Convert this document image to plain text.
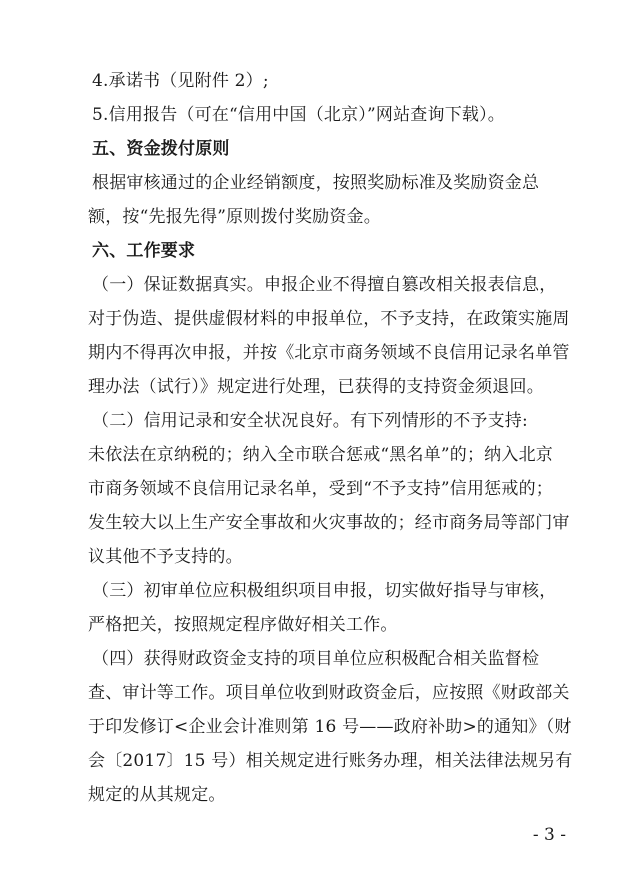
4.承诺书（见附件 2）;
5.信用报告（可在“信用中国（北京）”网站查询下载）。
五、资金拨付原则
根据审核通过的企业经销额度，按照奖励标准及奖励资金总
额，按“先报先得”原则拨付奖励资金。
六、工作要求
（一）保证数据真实。申报企业不得擅自篡改相关报表信息，
对于伪造、提供虚假材料的申报单位，不予支持，在政策实施周
期内不得再次申报，并按《北京市商务领域不良信用记录名单管
理办法（试行）》规定进行处理，已获得的支持资金须退回。
（二）信用记录和安全状况良好。有下列情形的不予支持:
未依法在京纳税的；纳入全市联合惩戒“黑名单”的；纳入北京
市商务领域不良信用记录名单，受到“不予支持”信用惩戒的；
发生较大以上生产安全事故和火灾事故的；经市商务局等部门审
议其他不予支持的。
（三）初审单位应积极组织项目申报，切实做好指导与审核，
严格把关，按照规定程序做好相关工作。
（四）获得财政资金支持的项目单位应积极配合相关监督检
查、审计等工作。项目单位收到财政资金后，应按照《财政部关
于印发修订<企业会计准则第 16 号——政府补助>的通知》（财
会〔2017〕15 号）相关规定进行账务办理，相关法律法规另有
规定的从其规定。
- 3 -
